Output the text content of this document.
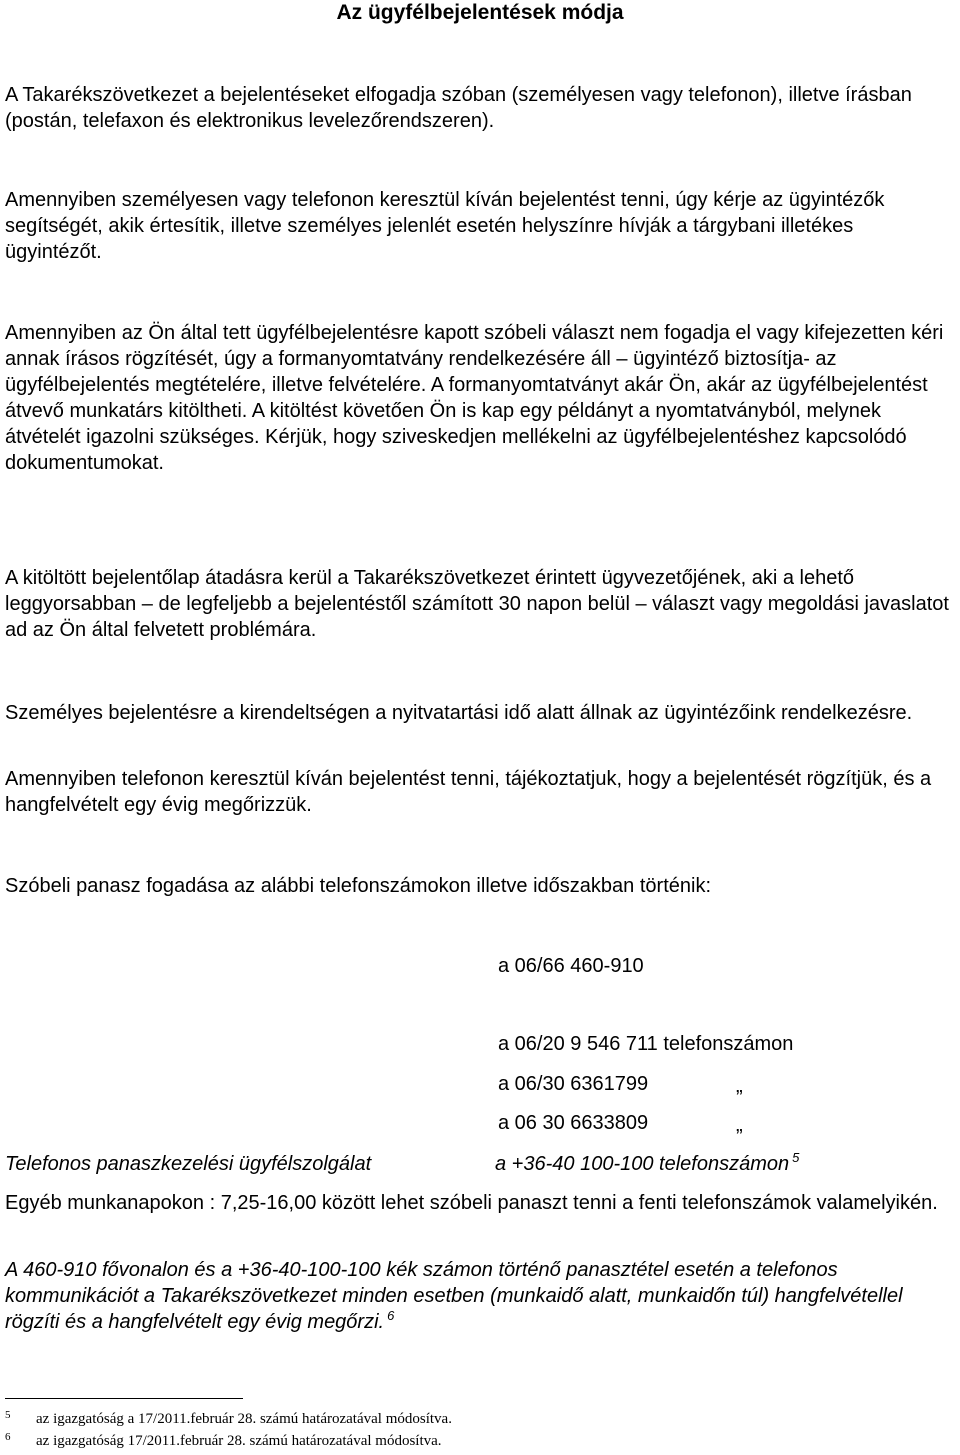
Az ügyfélbejelentések módja

A Takarékszövetkezet a bejelentéseket elfogadja szóban (személyesen vagy telefonon), illetve írásban (postán, telefaxon és elektronikus levelezőrendszeren).

Amennyiben személyesen vagy telefonon keresztül kíván bejelentést tenni, úgy kérje az ügyintézők segítségét, akik értesítik, illetve személyes jelenlét esetén helyszínre hívják a tárgybani illetékes ügyintézőt.

Amennyiben az Ön által tett ügyfélbejelentésre kapott szóbeli választ nem fogadja el vagy kifejezetten kéri annak írásos rögzítését, úgy a formanyomtatvány rendelkezésére áll – ügyintéző biztosítja- az ügyfélbejelentés megtételére, illetve felvételére. A formanyomtatványt akár Ön, akár az ügyfélbejelentést átvevő munkatárs kitöltheti. A kitöltést követően Ön is kap egy példányt a nyomtatványból, melynek átvételét igazolni szükséges. Kérjük, hogy sziveskedjen mellékelni az ügyfélbejelentéshez kapcsolódó dokumentumokat.

A kitöltött bejelentőlap átadásra kerül a Takarékszövetkezet érintett ügyvezetőjének, aki a lehető leggyorsabban – de legfeljebb a bejelentéstől számított 30 napon belül – választ vagy megoldási javaslatot ad az Ön által felvetett problémára.

Személyes bejelentésre a kirendeltségen a nyitvatartási idő alatt állnak az ügyintézőink rendelkezésre.

Amennyiben telefonon keresztül kíván bejelentést tenni, tájékoztatjuk, hogy a bejelentését rögzítjük, és a hangfelvételt egy évig megőrizzük.

Szóbeli panasz fogadása az alábbi telefonszámokon illetve időszakban történik:

a 06/66 460-910

a 06/20 9 546 711 telefonszámon

a 06/30 6361799	„

a 06 30 6633809	„

Telefonos panaszkezelési ügyfélszolgálat	a +36-40 100-100 telefonszámon $^5$

Egyéb munkanapokon : 7,25-16,00 között lehet szóbeli panaszt tenni a fenti telefonszámok valamelyikén.

A 460-910 fővonalon és a +36-40-100-100 kék számon történő panasztétel esetén a telefonos kommunikációt a Takarékszövetkezet minden esetben (munkaidő alatt, munkaidőn túl) hangfelvétellel rögzíti és a hangfelvételt egy évig megőrzi. $^6$

5 az igazgatóság a 17/2011.február 28. számú határozatával módosítva.
6 az igazgatóság 17/2011.február 28. számú határozatával módosítva.
